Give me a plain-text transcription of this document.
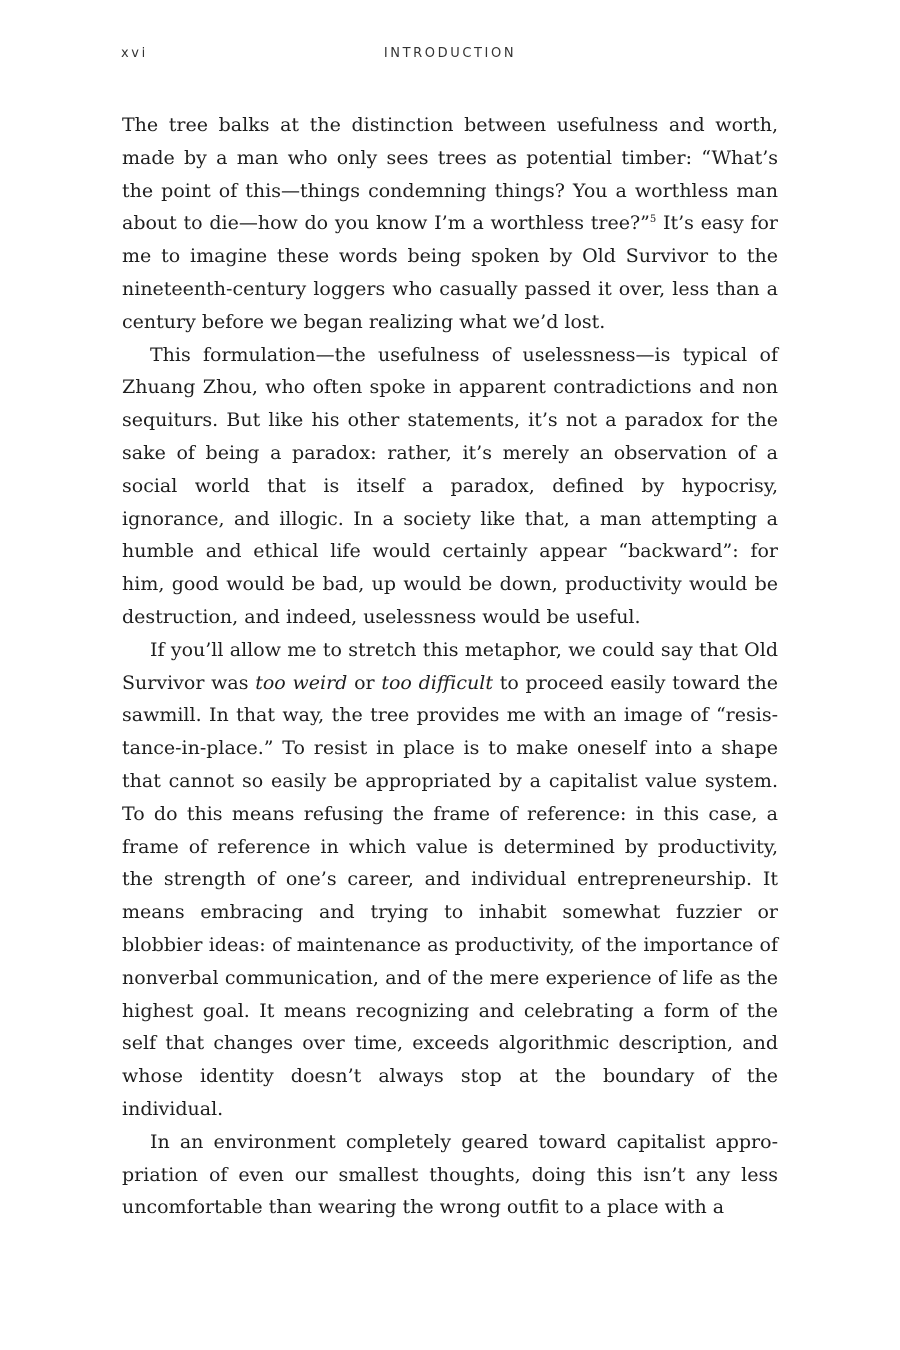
xvi	INTRODUCTION

The tree balks at the distinction between usefulness and worth, made by a man who only sees trees as potential timber: “What’s the point of this—things condemning things? You a worthless man about to die—how do you know I’m a worthless tree?”$^5$ It’s easy for me to imagine these words being spoken by Old Survivor to the nineteenth-century loggers who casually passed it over, less than a century before we began realizing what we’d lost.

This formulation—the usefulness of uselessness—is typical of Zhuang Zhou, who often spoke in apparent contradictions and non sequiturs. But like his other statements, it’s not a paradox for the sake of being a paradox: rather, it’s merely an observation of a social world that is itself a paradox, defined by hypocrisy, ignorance, and illogic. In a society like that, a man attempting a humble and ethical life would certainly appear “backward”: for him, good would be bad, up would be down, productivity would be destruction, and indeed, uselessness would be useful.

If you’ll allow me to stretch this metaphor, we could say that Old Survivor was too weird or too difficult to proceed easily toward the sawmill. In that way, the tree provides me with an image of “resistance-in-place.” To resist in place is to make oneself into a shape that cannot so easily be appropriated by a capitalist value system. To do this means refusing the frame of reference: in this case, a frame of reference in which value is determined by productivity, the strength of one’s career, and individual entrepreneurship. It means embracing and trying to inhabit somewhat fuzzier or blobbier ideas: of maintenance as productivity, of the importance of nonverbal communication, and of the mere experience of life as the highest goal. It means recognizing and celebrating a form of the self that changes over time, exceeds algorithmic description, and whose identity doesn’t always stop at the boundary of the individual.

In an environment completely geared toward capitalist appropriation of even our smallest thoughts, doing this isn’t any less uncomfortable than wearing the wrong outfit to a place with a
